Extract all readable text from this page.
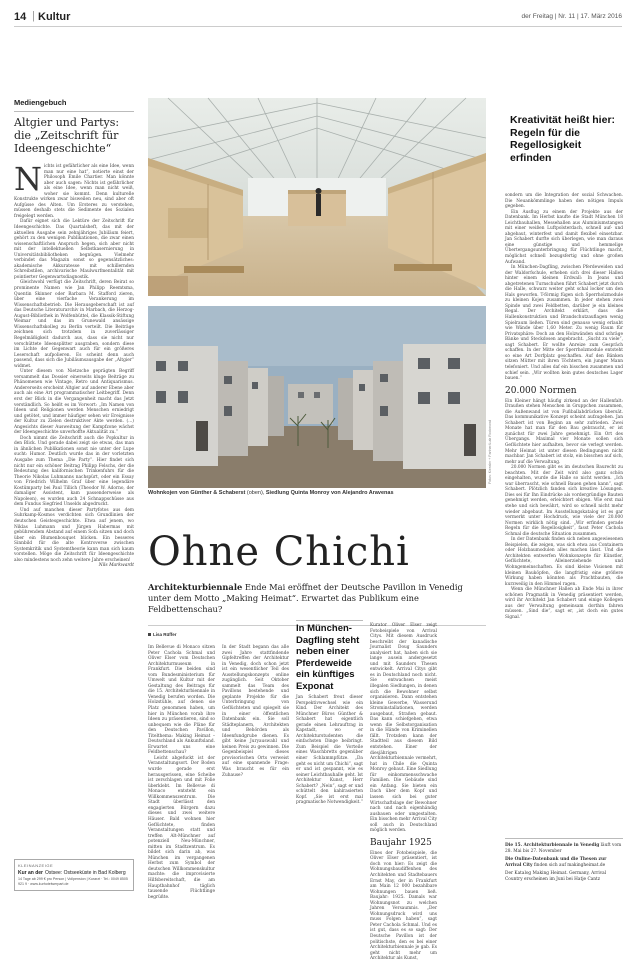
14 | Kultur	der Freitag | Nr. 11 | 17. März 2016
Mediengebuch
Altgier und Partys: die „Zeitschrift für Ideengeschichte“
Nichts ist gefährlicher als eine Idee, wenn man nur eine hat“, notierte einst der Philosoph Émile Chartier. Man könnte aber auch sagen: Nichts ist gefährlicher als eine Idee, wenn man nicht weiß, woher sie kommt. Denn kulturelle Konstrukte wirken zwar bisweilen neu, sind aber oft Aufgüsse des Alten. Um Ersteres zu verstehen, müssen deshalb stets die Sedimente des Sozialen freigelegt werden.
Dafür eignet sich die Lektüre der Zeitschrift für Ideengeschichte. Das Quartalsheft, das mit der aktuellen Ausgabe sein zehnjähriges Jubiläum feiert, gehört zu den wenigen Publikationen, die zwar einen wissenschaftlichen Anspruch hegen, sich aber nicht mit der intellektuellen Selbstkasernierung in Universitätsbibliotheken begnügen. Vielmehr verbindet das Magazin sonst so gegensätzliches: akademische Akkuratesse mit schillernden Schreibstilen, archivarische Maulwurfmentalität mit pointierter Gegenwartsdiagnostik.
Gleichwohl verfügt die Zeitschrift, deren Beirat so prominente Namen wie Jan Philipp Reemtsma, Quentin Skinner oder Barbara M. Stafford zieren, über eine vierfache Verankerung im Wissenschaftsbetrieb. Die Herausgeberschaft ist auf das Deutsche Literaturarchiv in Marbach, die Herzog-August-Bibliothek in Wolfenbüttel, die Klassik-Stiftung Weimar und das im Grunewald ansässige Wissenschaftskolleg zu Berlin verteilt. Die Beiträge zeichnen sich trotzdem in zuverlässiger Regelmäßigkeit dadurch aus, dass sie nicht nur verschüttete Ideensplitter ausgraben, sondern diese im Lichte der Gegenwart auch für ein größeres Leserschaft aufpolieren. Es scheint denn auch passend, dass sich die Jubiläumsausgabe der „Altgier“ widmet.
Unter diesem von Nietzsche geprägten Begriff versammelt das Dossier einerseits kluge Beiträge zu Phänomenen wie Vintage, Retro und Antiquarismus. Andererseits erscheint Altgier auf anderer Ebene aber auch als eine Art programmatischer Leitbegriff. Denn erst der Blick in die Vergangenheit macht das Jetzt verständlich. So heißt es im Vorwort: „Im Namen von Ideen und Religionen werden Menschen erniedrigt und getötet, und immer häufiger sehen wir Ereignisse der Kultur zu Zielen destruktiver Akte werden. (...) Angesichts dieser Ausweitung der Kampfzone wächst der Ideengeschichte unverhoffte Aktualität zu.“
Doch nimmt die Zeitschrift auch die Popkultur in den Blick. Und gerade dabei zeigt sie etwas, das man in ähnlichen Publikationen sonst nie unter der Lupe sucht: Humor. Deutlich wurde das in der vorletzten Ausgabe zum Thema „Die Party“. Hier findet sich nicht nur ein schöner Beitrag Philipp Felschs, der die Bedeutung des kalifornischen Trinkenfuhrs für die Theorie Nikolas Luhmanns nachspürt, oder ein Essay von Friedrich Wilhelm Graf über eine legendäre Kostümparty bei Paul Tillich (Theodor W. Adorno, der damaliger Assistent, kam passenderweise als Napoleon), es wurden auch 24 Schnappschüsse aus dem Fundus Siegfried Unselds abgedruckt.
Und auf manchen dieser Partyfotos aus dem Suhrkamp-Kosmos verdichten sich Grundlinien der deutschen Geistesgeschichte. Etwa auf jenem, wo Niklas Luhmann und Jürgen Habermas mit gebührendem Abstand auf einem Sofa sitzen und doch über ein Blumenbouquet blicken. Ein besseres Sinnbild für die alte Kontroverse zwischen Systemkritik und Systemtheorie kann man sich kaum vorstellen. Möge die Zeitschrift für Ideengeschichte also mindestens noch zehn weitere Jahre erscheinen!
Nils Markwardt
KLEINANZEIGE
Kur an der Ostsee: Ostseeküste in Bad Kolberg
14 Tage ab 299 € pro Person | Vollpension | Kurarzt · Tel.: 0049 8505 921 9 · www.kurhotelwerpart.de
Fotos: Kiessler + Partner/Lutz Rockmond
Wohnkojen von Günther & Schaberst (oben), Siedlung Quinta Monroy von Alejandro Aravenas
Kreativität heißt hier: Regeln für die Regellosigkeit erfinden
sondern um die Integration der sozial Schwachen. Die Neuankömmlinge haben den nötigen Impuls gegeben.
Ein Ausflug zu einem der Projekte aus der Datenbank. Im Herbst kaufte die Stadt München 18 Leichtbauhallen, Messehallen aus Aluminiumstangen mit einer weißen Luftpolsterdach, schnell auf- und abgebaut, winterfest und damit flexibel einsetzbar. Jan Schabert durfte sich überlegen, wie man daraus eine günstige und hemmelige Übertergangsunterbringung für Flüchtlinge macht, möglichst schnell bezugsfertig und ohne großen Aufwand.
In München-Dagfling, zwischen Pferdeweiden und der Waldorfschule, erheben sich drei dieser Hallen hinter einem kleinen Erdwall: In Jeans und abgetretenen Turnschuhen führt Schabert jetzt durch die Halle, schwarz weiter geht schal locker um den Hals geworfen. T-förmig fügen sich Sperrholzmodule zu kleinen Kojen zusammen. In jeder stehen zwei Spinde und zwei Feldbetten, darüber je ein kleines Regal. Der Architekt erklärt, dass die Hallenkonstruktion und Brandschutzauflagen wenig Spielraum ließen. Türen sind genauso wenig erlaubt wie Wände über 1,60 Meter. Zu wenig Raum für Privatsphäre: Doch an den Holzwänden sind schräge Bänke und Steckdosen angebracht. „Sucht zu viele“, sagt Schabert. Er wollte Anreize zum Gespräch schaffen. In der Mitte der Sperrholzmodule entsteht so eine Art Dorfplatz geschaffen. Auf den Bänken sitzen Mütter mit ihren Töchtern, ein junger Mann telefoniert. Und alles daf ein bisschen zusammen und schief sein. „Wir wollten kein gutes deutsches Lager bauen.“
20.000 Normen
Ein Kleiner hängt häufig zirkend an der Hallenfalt: Draußen stehen Menschen in Gruppchen zusammen, die Außenwand ist von Fußballabdrücken übersät. Das kommunikative Konzept scheint aufzugehen. Jan Schabert ist von Beginn an sehr zufrieden. Zwei Monate hat man für den Bau gebraucht, er ist zunächst für zwei Jahre genehmigt. Ein Ort des Übergangs. Maximal vier Monate sollen sich Geflüchtete hier aufhalten, bevor sie verlegt werden. Mehr Heimat ist unter diesen Bedingungen nicht machbar. Jan Schabert ist stolz, ein bisschen auf sich, mehr auf die Verwaltung.
20.000 Normen gibt es im deutschen Baurecht zu beachten. Mit der Zeit wird also ganz schön eingehalten, wurde die Halle so nicht werden. „Ich war überrascht, wie schnell Bauen gehen kann“, sagt Schabert. Plötzlich fanden sich kreative Lösungen. Dies sei für Ihn Eindrücke als vordergründige Bauten genehmigt werden, erleichtert obigen. Wie erst mal stehe und sich bewährt, wird so schnell nicht mehr wieder abgebaut. Im Ausstellungskatalog ist es gar vermerkt unter Hochdruck, wie viele der 20.000 Normen wirklich nötig sind. „Wir erfinden gerade Regeln für die Regellosigkeit“, fasst Peter Cachola Schmal die deutsche Situation zusammen.
In der Datenbank finden sich neben angewiesenen Beispielen, die zeigen, was sich etwa aus Containern oder Holzbaumodulen alles machen lässt. Und die Architekten entwerfen Wohnkonzepte für Künstler, Geflüchtete, Alleinerziehende und Wohngemeinschaften. Es sind kleine Visionen mit kleinen Bauköpfen, die langfristig eine größere Wirkung haben könnten als Prachtbauten, die kurzweilig in den Himmel ragen.
Wenn die Münchner Hallen ab Ende Mai in ihrer schönen Pragmatik in Venedig präsentiert werden, wird ihr Architekt Jan Schabert und einige Kollegen aus der Verwaltung gemeinsam dorthin fahren müssen. „Sind die“, sagt er, „ist doch ein gutes Signal.“
Die 15. Architekturbiennale in Venedig läuft vom 28. Mai bis 27. November
Die Online-Datenbank und die Thesen zur Arrival City finden sich auf makingheimat.de
Der Katalog Making Heimat. Germany, Arrival Country erscheinen im Juni bei Hatje Cantz
Ohne Chichi
Architekturbiennale Ende Mai eröffnet der Deutsche Pavillon in Venedig unter dem Motto „Making Heimat“. Erwartet das Publikum eine Feldbettenschau?
Lisa Rüffer
Im Bellevue di Monaco sitzen Peter Cachola Schmal und Oliver Elser vom Deutschen Architekturmuseum in Frankfurt. Die beiden sind vom Bundesministerium für Umwelt und Kultur mit der Gestaltung des Beitrags für die 15. Architekturbiennale in Venedig berufen worden. Die Holzstühle, auf denen sie Platz genommen haben, um hier in München vorab ihre Ideen zu präsentieren, sind so unbequem wie die Pläne für den Deutschen Pavillon, Titelthema: Making Heimat – Deutschland als Ankunftsland. Erwartet uns eine Feldbettenschau?
Leicht abgefuckt ist der Veranstaltungsort. Der Boden wurde gerade erst herausgerissen, eine Scheibe ist zerschlagen und mit Folie überklebt. Im Bellevue di Monaco entsteht ein Willkommenszentrum. Die Stadt überlässt den engagierten Bürgern dazu dieses und zwei weitere Häuser. Bald wohnen hier Geflüchtete, finden Veranstaltungen statt und treffen Alt-Münchner auf potenziell Neu-Münchner, mitten im Stadtzentrum. Es bildet sich darin ab, was München im vergangenen Herbst zum Symbol der deutschen Willkommenskultur machte: die improvisierte Hilfsbereitschaft, die am Hauptbahnhof täglich tausende Flüchtlinge begrüßte.
In der Stadt begann das alle zwei Jahre stattfindende Gipfeltreffen der Architektur in Venedig, doch schon jetzt ist ein wesentlicher Teil des Ausstellungskonzepts online zugänglich. Seit Oktober sammelt das Team des Pavillons bestehende und geplante Projekte für die Unterbringung von Geflüchteten und spiegelt sie in einer öffentlichen Datenbank ein. Sie soll Städteplanern, Architekten und Behörden als Ideenfundgrube dienen. Es gibt keine Juryauswahl und keinen Preis zu gewinnen. Die Gegenbeispiel dieses provisorischen Orts verweist auf eine spannende Frage: Was braucht es für ein Zuhause?
In München-Dagfling steht neben einer Pferdeweide ein künftiges Exponat
Jan Schabert freut dieser Perspektivwechsel wie ein Kind. Der Architekt des Münchner Büros Günther & Schabert hat eigentlich gerade einen Lehrauftrag in Kapstadt, wo er Architekturstudenten die einfachsten Dinge beibringt. Zum Beispiel die Vorteile eines Waschbretts gegenüber einer Schlammpfütze. „Da geht es nicht um Chichi“, sagt er und ist gespannt, wie es seiner Leichtbauhalle geht. Ist Architektur Kunst, Herr Schabert? „Nein“, sagt er und schüttelt den kahlrasierten Kopf. „Sie ist erst mal pragmatische Notwendigkeit.“
Kurator Oliver Elser zeigt Fotobeispiele von Arrival Citys. Mit diesem Ausdruck beschreibt der kanadische Journalist Doug Saunders analysiert hat, haben sich sie lange ausein andergesetzt und mit Saunders Thesen entwickelt. Arrival Citys gibt es in Deutschland noch nicht. Sie entwachsen meist illegalen Siedlungen, in denen sich die Bewohner selbst organisieren. Dann entstehen kleine Gewerbe, Wasserund Strominstallationen, werden ausgebaut, Straßen gebaut. Das kann schiefgehen, etwa wenn die Selbstorganisation in die Hände von Kriminellen fällt. Trotzdem kann der Stadtteil aus diesem Bild entstehen. Einer der diesjährigen Architekturbiennale vermehrt, hat in Chile die Quinta Monroy gebaut. Eine Siedlung für einkommensschwache Familien. Die Gebäude sind ein Anfang. Sie bieten ein Dach über dem Kopf und lassen sich bei guter Wirtschaftslage der Bewohner nach und nach eigenhändig ausbauen oder umgestalten. Ein bisschen mehr Arrival City soll auch in Deutschland möglich werden.
Baujahr 1925
Eines der Fotobeispiele, die Oliver Elser präsentiert, ist doch von hier: Es zeigt die Wohnungsbaudiffenhen des Architekten und Stadtebauers Ernst May, der in Frankfurt am Main 12 000 bezahlbare Wohnungen bauen ließ. Baujahr: 1925. Damals war Wohnungsnot zu welchen Jahren Versaumnis. „Der Wohnungsdruck wird uns muss Folgen haben“, sagt Peter Cachola Schmal. Und es ist gut, dass es so sagt: Der Deutsche Pavillon ist der politischste, den es bei einer Architekturbiennale je gab. Es geht nicht mehr um Architektur als Kunst,
